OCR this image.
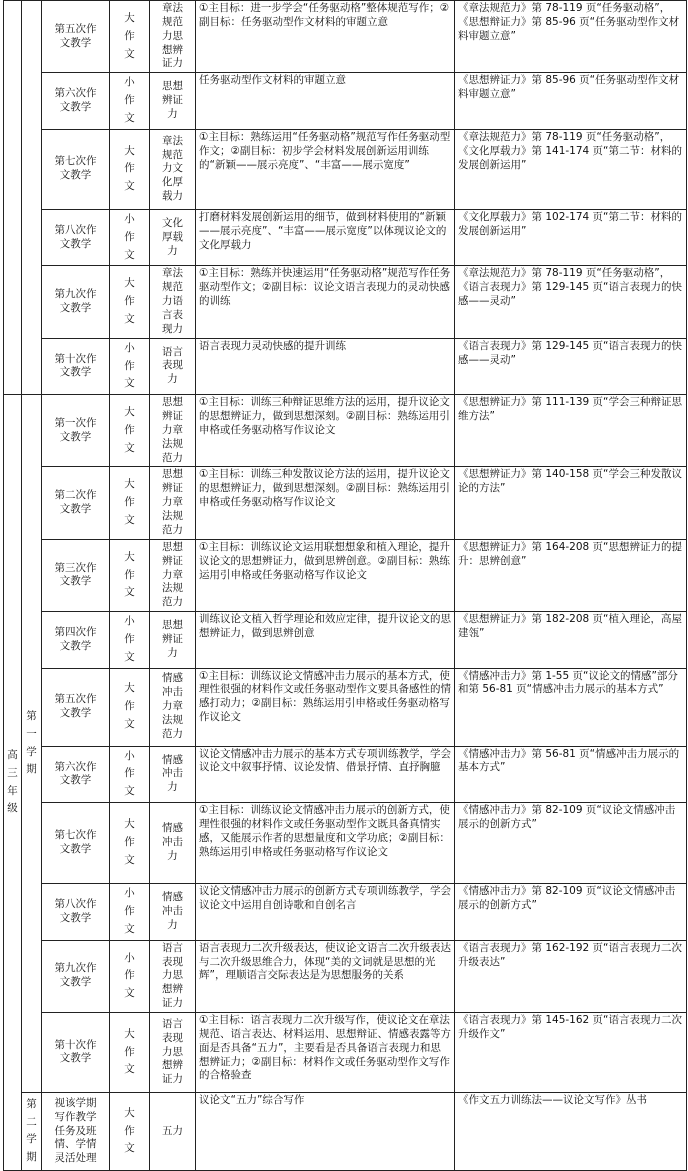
		第五次作文教学	大作文	章法规范力思想辨证力	①主目标：进一步学会“任务驱动格”整体规范写作；②副目标：任务驱动型作文材料的审题立意	《章法规范力》第 78-119 页“任务驱动格”，《思想辩证力》第 85-96 页“任务驱动型作文材料审题立意”
		第六次作文教学	小作文	思想辨证力	任务驱动型作文材料的审题立意	《思想辨证力》第 85-96 页“任务驱动型作文材料审题立意”
		第七次作文教学	大作文	章法规范力文化厚载力	①主目标：熟练运用“任务驱动格”规范写作任务驱动型作文；②副目标：初步学会材料发展创新运用训练的“新颖——展示亮度”、“丰富——展示宽度”	《章法规范力》第 78-119 页“任务驱动格”，《文化厚载力》第 141-174 页“第二节：材料的发展创新运用”
		第八次作文教学	小作文	文化厚载力	打磨材料发展创新运用的细节，做到材料使用的“新颖——展示亮度”、“丰富——展示宽度”以体现议论文的文化厚载力	《文化厚载力》第 102-174 页“第二节：材料的发展创新运用”
		第九次作文教学	大作文	章法规范力语言表现力	①主目标：熟练并快速运用“任务驱动格”规范写作任务驱动型作文；②副目标：议论文语言表现力的灵动快感的训练	《章法规范力》第 78-119 页“任务驱动格”，《语言表现力》第 129-145 页“语言表现力的快感——灵动”
		第十次作文教学	小作文	语言表现力	语言表现力灵动快感的提升训练	《语言表现力》第 129-145 页“语言表现力的快感——灵动”
高三年级	第一学期	第一次作文教学	大作文	思想辨证力章法规范力	①主目标：训练三种辩证思维方法的运用，提升议论文的思想辨证力，做到思想深刻。②副目标：熟练运用引申格或任务驱动格写作议论文	《思想辨证力》第 111-139 页“学会三种辩证思维方法”
		第二次作文教学	大作文	思想辨证力章法规范力	①主目标：训练三种发散议论方法的运用，提升议论文的思想辨证力，做到思想深刻。②副目标：熟练运用引申格或任务驱动格写作议论文	《思想辨证力》第 140-158 页“学会三种发散议论的方法”
		第三次作文教学	大作文	思想辨证力章法规范力	①主目标：训练议论文运用联想想象和植入理论，提升议论文的思想辨证力，做到思辨创意。②副目标：熟练运用引申格或任务驱动格写作议论文	《思想辨证力》第 164-208 页“思想辨证力的提升：思辨创意”
		第四次作文教学	小作文	思想辨证力	训练议论文植入哲学理论和效应定律，提升议论文的思想辨证力，做到思辨创意	《思想辨证力》第 182-208 页“植入理论，高屋建瓴”
		第五次作文教学	大作文	情感冲击力章法规范力	①主目标：训练议论文情感冲击力展示的基本方式，使理性很强的材料作文或任务驱动型作文要具备感性的情感打动力；②副目标：熟练运用引申格或任务驱动格写作议论文	《情感冲击力》第 1-55 页“议论文的情感”部分和第 56-81 页“情感冲击力展示的基本方式”
		第六次作文教学	小作文	情感冲击力	议论文情感冲击力展示的基本方式专项训练教学，学会议论文中叙事抒情、议论发情、借景抒情、直抒胸臆	《情感冲击力》第 56-81 页“情感冲击力展示的基本方式”
		第七次作文教学	大作文	情感冲击力	①主目标：训练议论文情感冲击力展示的创新方式，使理性很强的材料作文或任务驱动型作文既具备真情实感，又能展示作者的思想量度和文学功底；②副目标：熟练运用引申格或任务驱动格写作议论文	《情感冲击力》第 82-109 页“议论文情感冲击展示的创新方式”
		第八次作文教学	小作文	情感冲击力	议论文情感冲击力展示的创新方式专项训练教学，学会议论文中运用自创诗歌和自创名言	《情感冲击力》第 82-109 页“议论文情感冲击展示的创新方式”
		第九次作文教学	小作文	语言表现力思想辨证力	语言表现力二次升级表达，使议论文语言二次升级表达与二次升级思维合力，体现“美的文词就是思想的光辉”，理顺语言交际表达是为思想服务的关系	《语言表现力》第 162-192 页“语言表现力二次升级表达”
		第十次作文教学	大作文	语言表现力思想辨证力	①主目标：语言表现力二次升级写作，使议论文在章法规范、语言表达、材料运用、思想辩证、情感表露等方面是否具备“五力”，主要看是否具备语言表现力和思想辨证力；②副目标：材料作文或任务驱动型作文写作的合格验查	《语言表现力》第 145-162 页“语言表现力二次升级作文”
	第二学期	视该学期写作教学任务及班情、学情灵活处理	大作文	五力	议论文“五力”综合写作	《作文五力训练法——议论文写作》丛书
